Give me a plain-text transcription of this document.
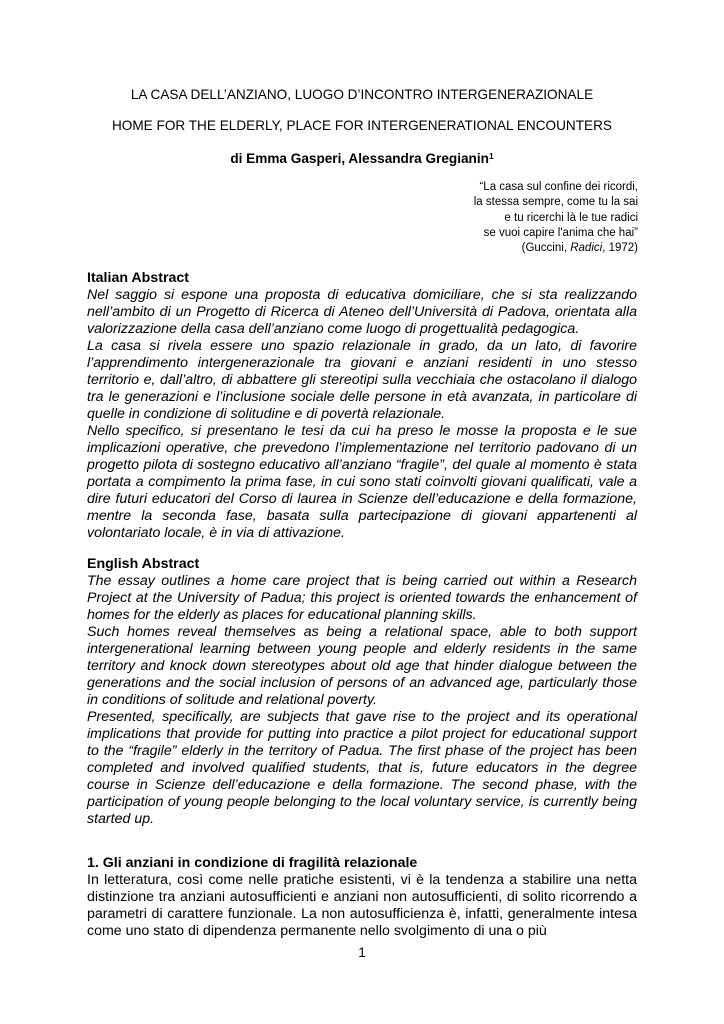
LA CASA DELL’ANZIANO, LUOGO D’INCONTRO INTERGENERAZIONALE
HOME FOR THE ELDERLY, PLACE FOR INTERGENERATIONAL ENCOUNTERS
di Emma Gasperi, Alessandra Gregianin$^1$
“La casa sul confine dei ricordi,
la stessa sempre, come tu la sai
e tu ricerchi là le tue radici
se vuoi capire l'anima che hai”
(Guccini, Radici, 1972)
Italian Abstract

Nel saggio si espone una proposta di educativa domiciliare, che si sta realizzando nell’ambito di un Progetto di Ricerca di Ateneo dell’Università di Padova, orientata alla valorizzazione della casa dell’anziano come luogo di progettualità pedagogica.

La casa si rivela essere uno spazio relazionale in grado, da un lato, di favorire l’apprendimento intergenerazionale tra giovani e anziani residenti in uno stesso territorio e, dall’altro, di abbattere gli stereotipi sulla vecchiaia che ostacolano il dialogo tra le generazioni e l’inclusione sociale delle persone in età avanzata, in particolare di quelle in condizione di solitudine e di povertà relazionale.

Nello specifico, si presentano le tesi da cui ha preso le mosse la proposta e le sue implicazioni operative, che prevedono l’implementazione nel territorio padovano di un progetto pilota di sostegno educativo all’anziano “fragile”, del quale al momento è stata portata a compimento la prima fase, in cui sono stati coinvolti giovani qualificati, vale a dire futuri educatori del Corso di laurea in Scienze dell’educazione e della formazione, mentre la seconda fase, basata sulla partecipazione di giovani appartenenti al volontariato locale, è in via di attivazione.

English Abstract

The essay outlines a home care project that is being carried out within a Research Project at the University of Padua; this project is oriented towards the enhancement of homes for the elderly as places for educational planning skills.

Such homes reveal themselves as being a relational space, able to both support intergenerational learning between young people and elderly residents in the same territory and knock down stereotypes about old age that hinder dialogue between the generations and the social inclusion of persons of an advanced age, particularly those in conditions of solitude and relational poverty.

Presented, specifically, are subjects that gave rise to the project and its operational implications that provide for putting into practice a pilot project for educational support to the “fragile” elderly in the territory of Padua. The first phase of the project has been completed and involved qualified students, that is, future educators in the degree course in Scienze dell’educazione e della formazione. The second phase, with the participation of young people belonging to the local voluntary service, is currently being started up.

1. Gli anziani in condizione di fragilità relazionale

In letteratura, così come nelle pratiche esistenti, vi è la tendenza a stabilire una netta distinzione tra anziani autosufficienti e anziani non autosufficienti, di solito ricorrendo a parametri di carattere funzionale. La non autosufficienza è, infatti, generalmente intesa come uno stato di dipendenza permanente nello svolgimento di una o più

1
